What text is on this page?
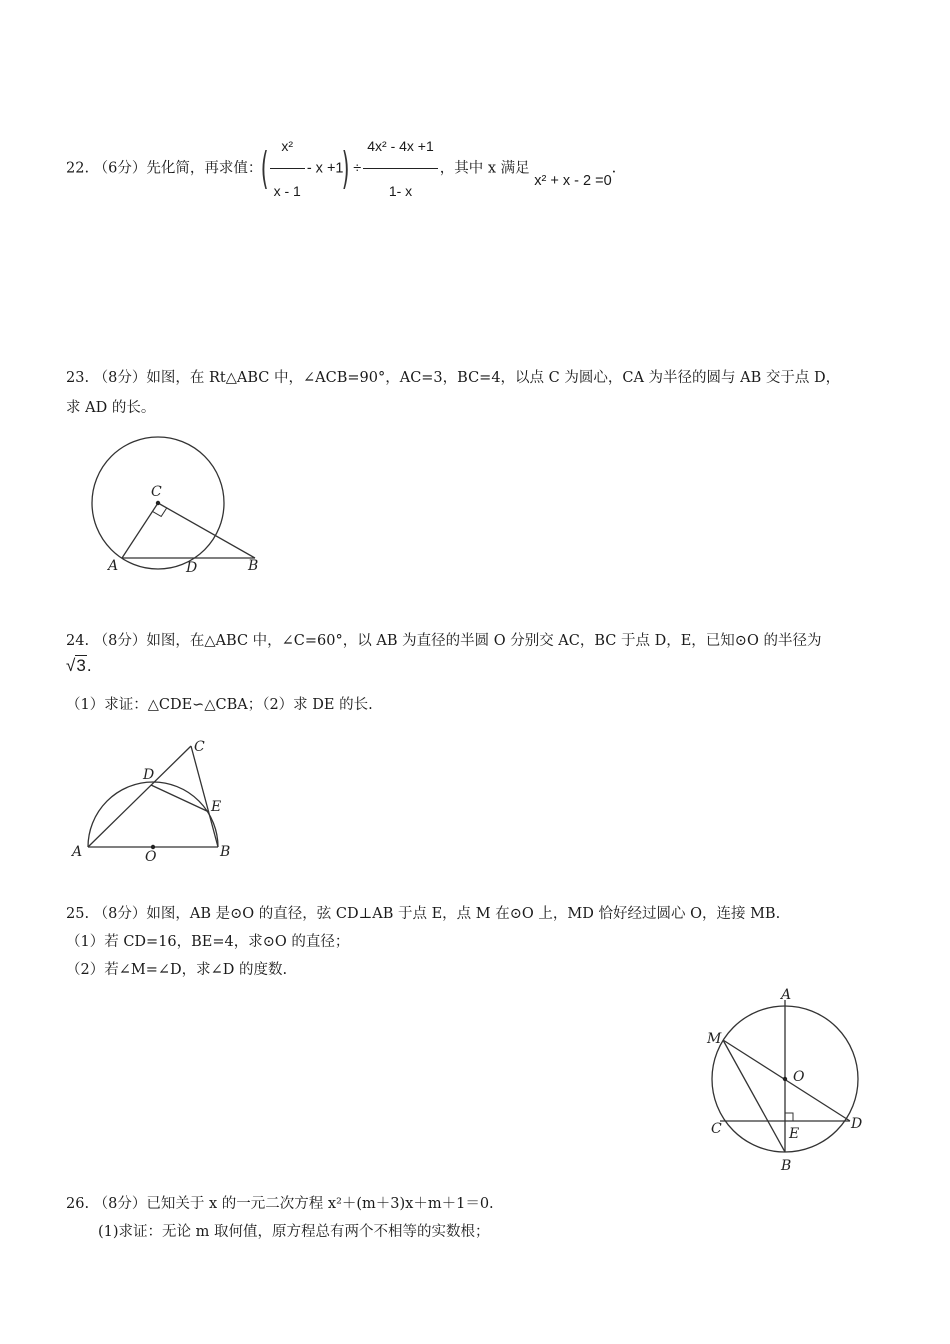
22. （6分）先化简，再求值：( $\frac{\text{x²}}{x - 1} - x +1) \div \frac{\text{4x² - 4x +1}}{1- x}$ ，其中 x 满足 x² + x - 2 =0.
23. （8分）如图，在 Rt△ABC 中，∠ACB=90°，AC=3，BC=4，以点 C 为圆心，CA 为半径的圆与 AB 交于点 D，
求 AD 的长。
C
A	D	B
24. （8分）如图，在△ABC 中，∠C=60°，以 AB 为直径的半圆 O 分别交 AC，BC 于点 D，E，已知⊙O 的半径为
√3.
（1）求证：△CDE∽△CBA；（2）求 DE 的长.
A	B
C
D
E
O
25. （8分）如图，AB 是⊙O 的直径，弦 CD⊥AB 于点 E，点 M 在⊙O 上，MD 恰好经过圆心 O，连接 MB.
（1）若 CD=16，BE=4，求⊙O 的直径；
（2）若∠M=∠D，求∠D 的度数.
A
M
O
C	E
D
B
26. （8分）已知关于 x 的一元二次方程 x²＋(m＋3)x＋m＋1＝0.
(1)求证：无论 m 取何值，原方程总有两个不相等的实数根；
